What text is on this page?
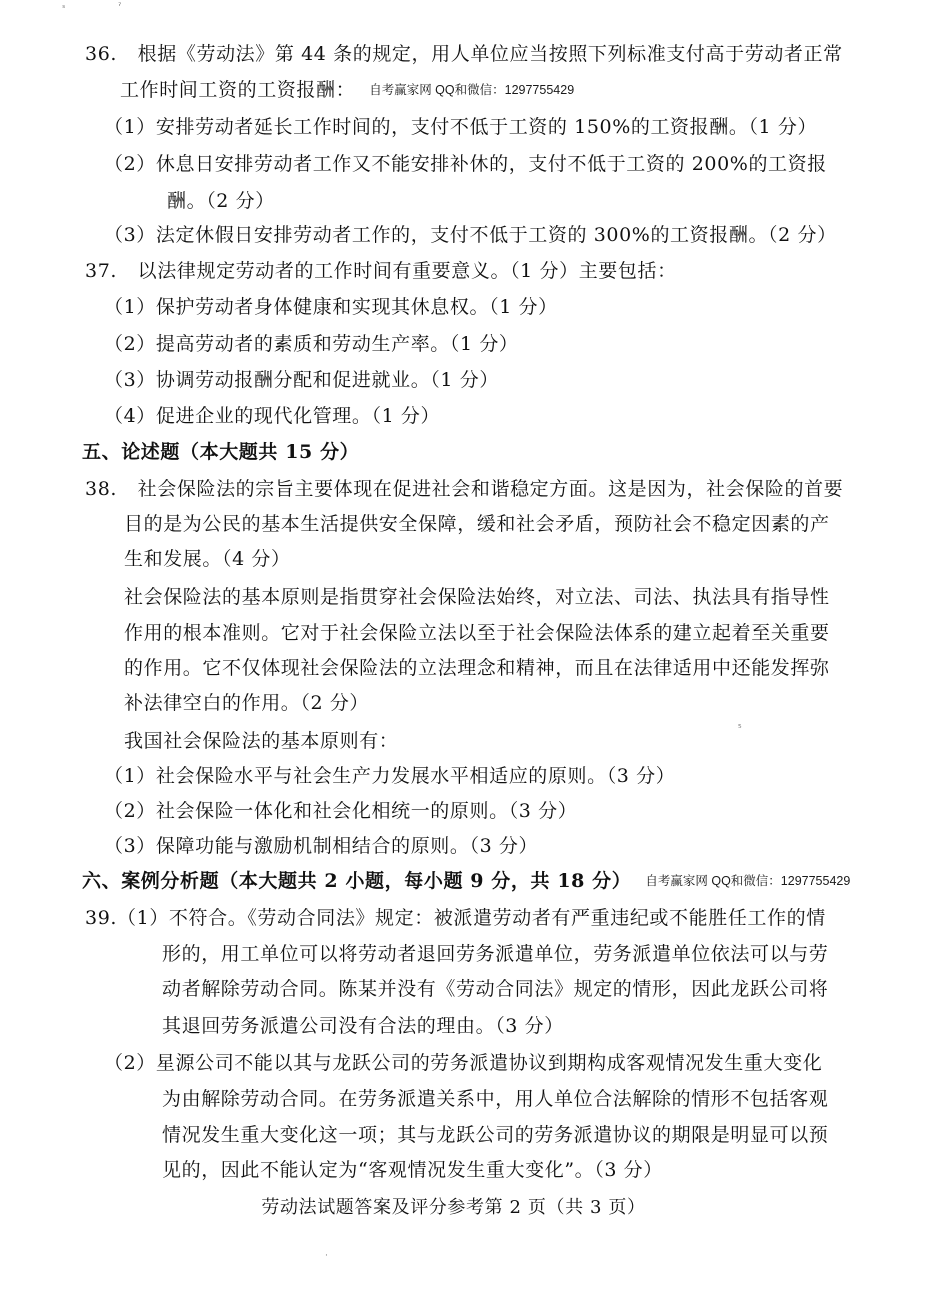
ˢ	ˀ
⁵
36. 根据《劳动法》第 44 条的规定，用人单位应当按照下列标准支付高于劳动者正常
工作时间工资的工资报酬： 自考赢家网 QQ和微信：1297755429
（1）安排劳动者延长工作时间的，支付不低于工资的 150%的工资报酬。（1 分）
（2）休息日安排劳动者工作又不能安排补休的，支付不低于工资的 200%的工资报
酬。（2 分）
（3）法定休假日安排劳动者工作的，支付不低于工资的 300%的工资报酬。（2 分）
37. 以法律规定劳动者的工作时间有重要意义。（1 分）主要包括：
（1）保护劳动者身体健康和实现其休息权。（1 分）
（2）提高劳动者的素质和劳动生产率。（1 分）
（3）协调劳动报酬分配和促进就业。（1 分）
（4）促进企业的现代化管理。（1 分）
五、论述题（本大题共 15 分）
38. 社会保险法的宗旨主要体现在促进社会和谐稳定方面。这是因为，社会保险的首要
目的是为公民的基本生活提供安全保障，缓和社会矛盾，预防社会不稳定因素的产
生和发展。（4 分）
社会保险法的基本原则是指贯穿社会保险法始终，对立法、司法、执法具有指导性
作用的根本准则。它对于社会保险立法以至于社会保险法体系的建立起着至关重要
的作用。它不仅体现社会保险法的立法理念和精神，而且在法律适用中还能发挥弥
补法律空白的作用。（2 分）
我国社会保险法的基本原则有：
（1）社会保险水平与社会生产力发展水平相适应的原则。（3 分）
（2）社会保险一体化和社会化相统一的原则。（3 分）
（3）保障功能与激励机制相结合的原则。（3 分）
六、案例分析题（本大题共 2 小题，每小题 9 分，共 18 分） 自考赢家网 QQ和微信：1297755429
39.（1）不符合。《劳动合同法》规定：被派遣劳动者有严重违纪或不能胜任工作的情
形的，用工单位可以将劳动者退回劳务派遣单位，劳务派遣单位依法可以与劳
动者解除劳动合同。陈某并没有《劳动合同法》规定的情形，因此龙跃公司将
其退回劳务派遣公司没有合法的理由。（3 分）
（2）星源公司不能以其与龙跃公司的劳务派遣协议到期构成客观情况发生重大变化
为由解除劳动合同。在劳务派遣关系中，用人单位合法解除的情形不包括客观
情况发生重大变化这一项；其与龙跃公司的劳务派遣协议的期限是明显可以预
见的，因此不能认定为“客观情况发生重大变化”。（3 分）
劳动法试题答案及评分参考第 2 页（共 3 页）
·
